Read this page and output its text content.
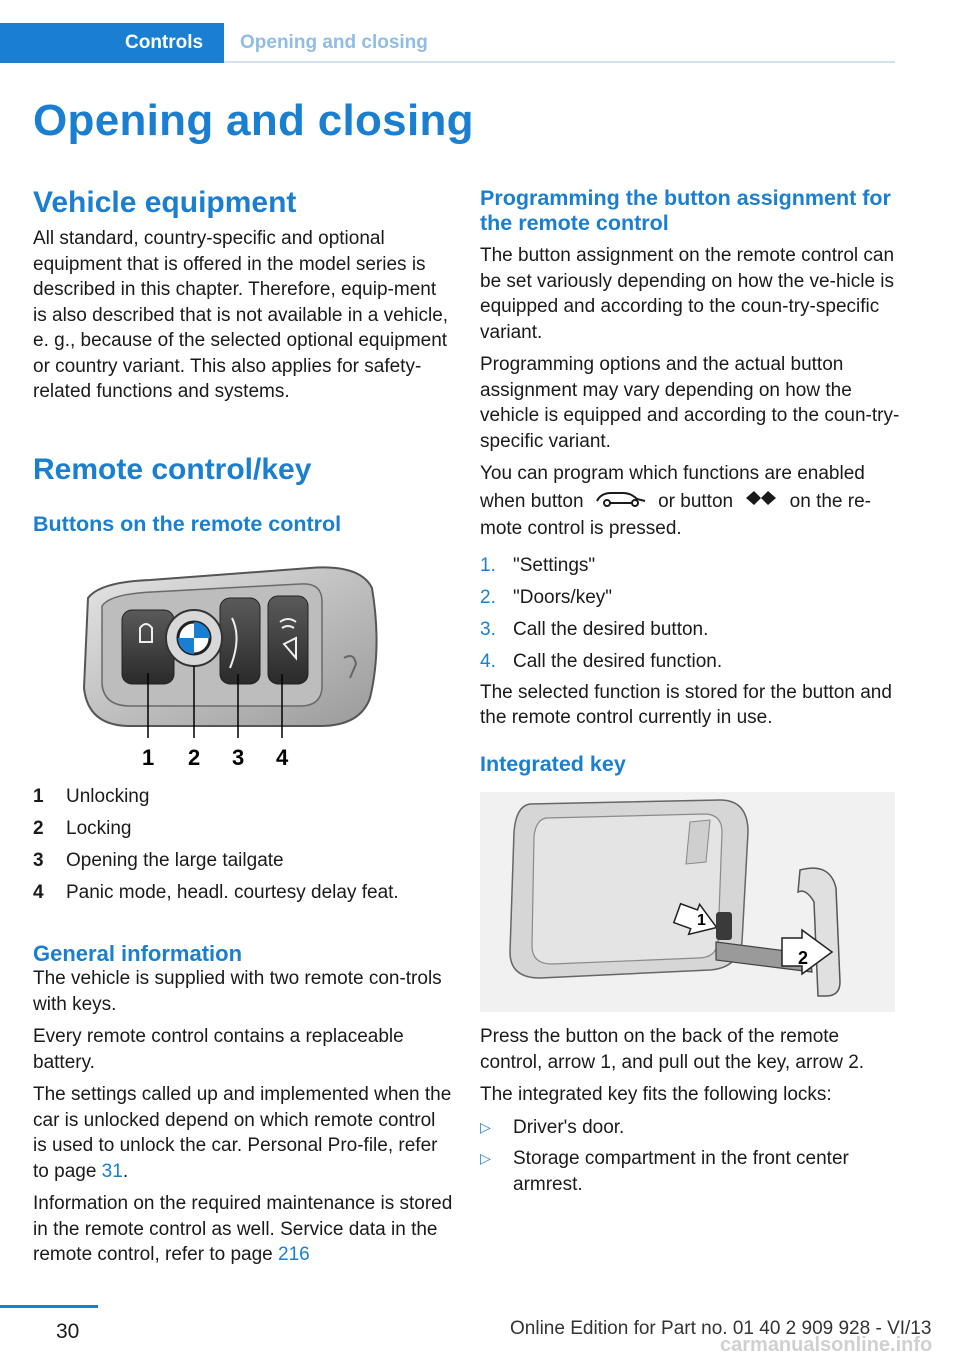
Controls	Opening and closing
Opening and closing
Vehicle equipment
All standard, country-specific and optional equipment that is offered in the model series is described in this chapter. Therefore, equip‐ment is also described that is not available in a vehicle, e. g., because of the selected optional equipment or country variant. This also applies for safety-related functions and systems.
Remote control/key
Buttons on the remote control
1 2 3 4
1	Unlocking
2	Locking
3	Opening the large tailgate
4	Panic mode, headl. courtesy delay feat.
General information
The vehicle is supplied with two remote con‐trols with keys.
Every remote control contains a replaceable battery.
The settings called up and implemented when the car is unlocked depend on which remote control is used to unlock the car. Personal Pro‐file, refer to page 31.
Information on the required maintenance is stored in the remote control as well. Service data in the remote control, refer to page 216
Programming the button assignment for the remote control
The button assignment on the remote control can be set variously depending on how the ve‐hicle is equipped and according to the coun‐try-specific variant.
Programming options and the actual button assignment may vary depending on how the vehicle is equipped and according to the coun‐try-specific variant.
You can program which functions are enabled when button	or button	on the re‐mote control is pressed.
1. "Settings"
2. "Doors/key"
3. Call the desired button.
4. Call the desired function.
The selected function is stored for the button and the remote control currently in use.
Integrated key
1
2
Press the button on the back of the remote control, arrow 1, and pull out the key, arrow 2.
The integrated key fits the following locks:
▷	Driver's door.
▷	Storage compartment in the front center armrest.
30	Online Edition for Part no. 01 40 2 909 928 - VI/13
carmanualsonline.info
